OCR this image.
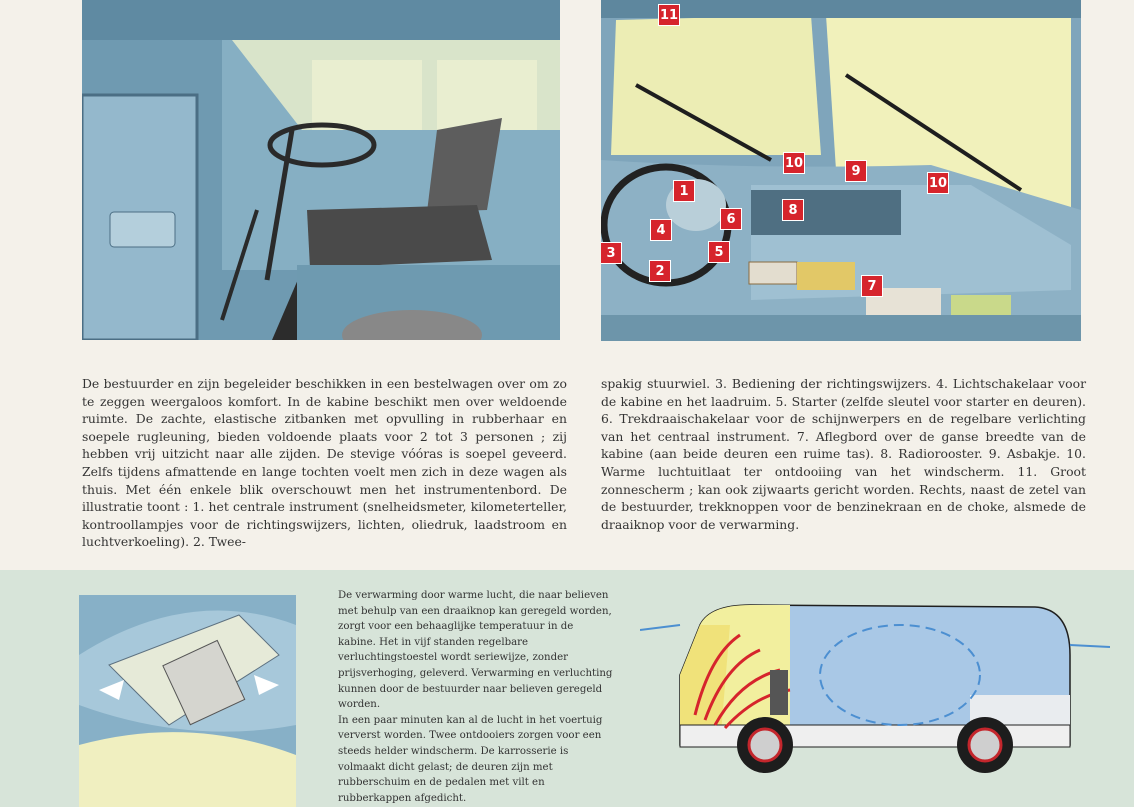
11
10
9
10
1
6
8
4
3	5
2
7

De bestuurder en zijn begeleider beschikken in een bestelwagen over om zo te zeggen weergaloos komfort. In de kabine beschikt men over weldoende ruimte. De zachte, elastische zitbanken met opvulling in rubberhaar en soepele rugleuning, bieden voldoende plaats voor 2 tot 3 personen ; zij hebben vrij uitzicht naar alle zijden. De stevige vóóras is soepel geveerd. Zelfs tijdens afmattende en lange tochten voelt men zich in deze wagen als thuis. Met één enkele blik overschouwt men het instrumentenbord. De illustratie toont : 1. het centrale instrument (snelheidsmeter, kilometerteller, kontroollampjes voor de richtingswijzers, lichten, oliedruk, laadstroom en luchtverkoeling). 2. Twee-

spakig stuurwiel. 3. Bediening der richtingswijzers. 4. Lichtschakelaar voor de kabine en het laadruim. 5. Starter (zelfde sleutel voor starter en deuren). 6. Trekdraaischakelaar voor de schijnwerpers en de regelbare verlichting van het centraal instrument. 7. Aflegbord over de ganse breedte van de kabine (aan beide deuren een ruime tas). 8. Radiorooster. 9. Asbakje. 10. Warme luchtuitlaat ter ontdooiing van het windscherm. 11. Groot zonnescherm ; kan ook zijwaarts gericht worden. Rechts, naast de zetel van de bestuurder, trekknoppen voor de benzinekraan en de choke, alsmede de draaiknop voor de verwarming.

De verwarming door warme lucht, die naar believen met behulp van een draaiknop kan geregeld worden, zorgt voor een behaaglijke temperatuur in de kabine. Het in vijf standen regelbare verluchtingstoestel wordt seriewijze, zonder prijsverhoging, geleverd. Verwarming en verluchting kunnen door de bestuurder naar believen geregeld worden.

In een paar minuten kan al de lucht in het voertuig ververst worden. Twee ontdooiers zorgen voor een steeds helder windscherm. De karrosserie is volmaakt dicht gelast; de deuren zijn met rubberschuim en de pedalen met vilt en rubberkappen afgedicht.
